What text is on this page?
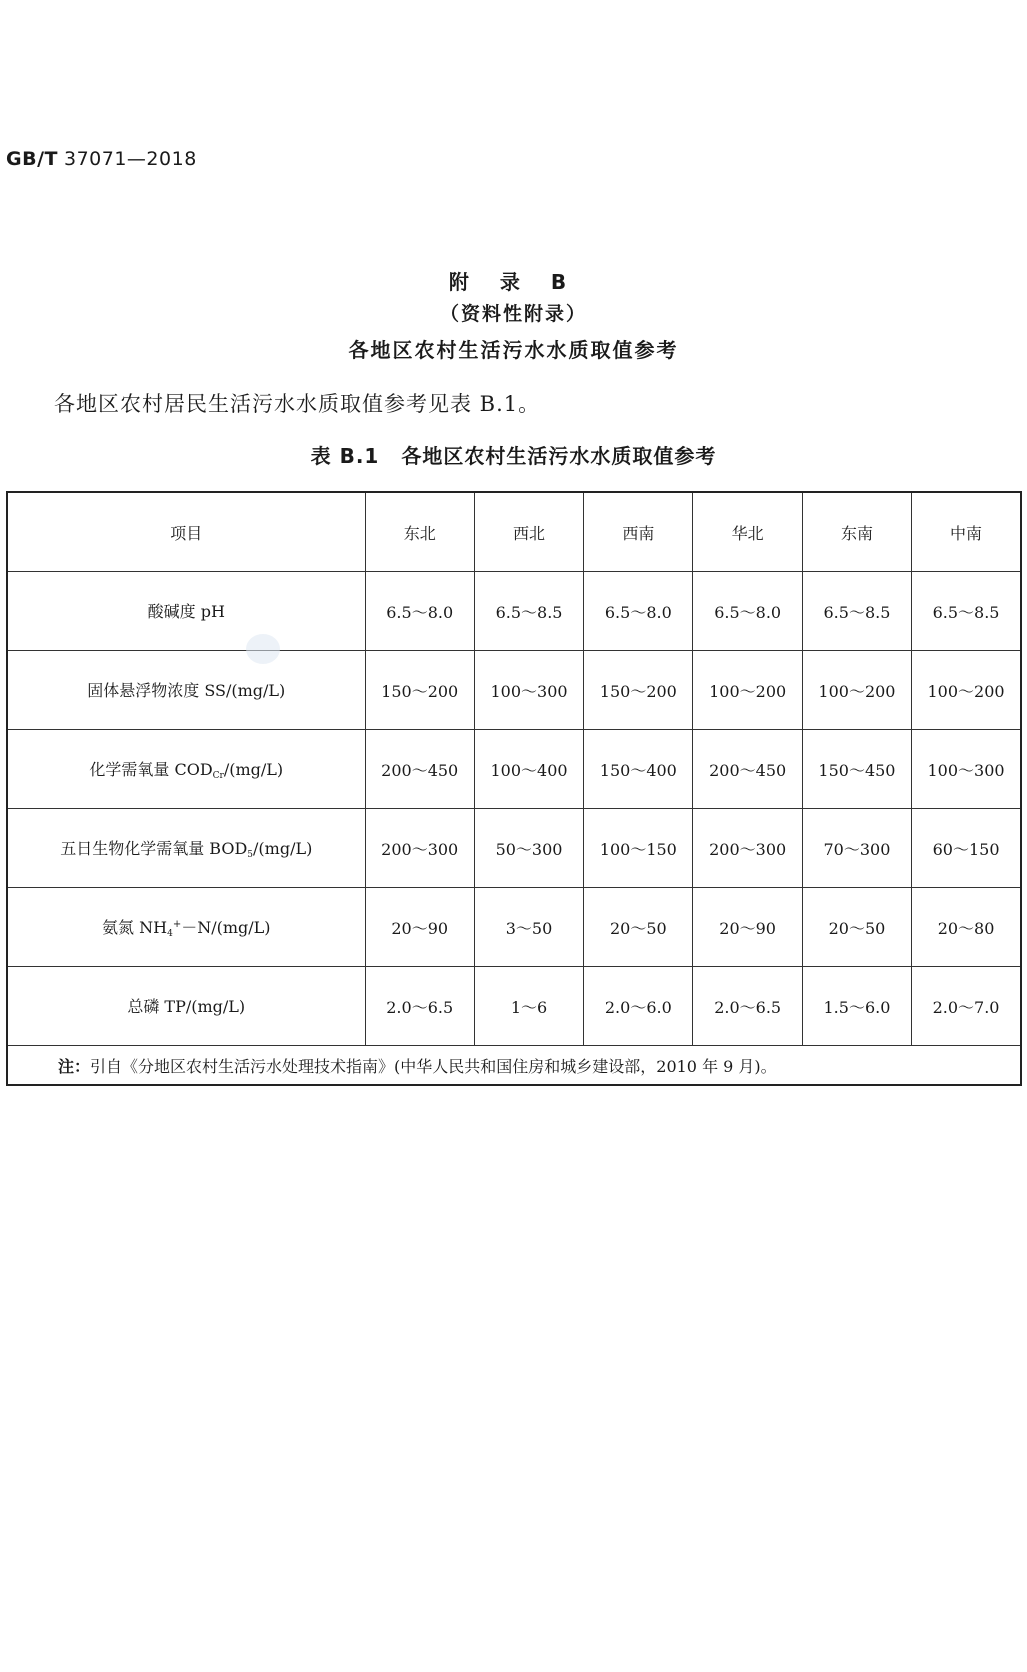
GB/T 37071—2018
附 录 B
（资料性附录）
各地区农村生活污水水质取值参考
各地区农村居民生活污水水质取值参考见表 B.1。
表 B.1 各地区农村生活污水水质取值参考
项目	东北	西北	西南	华北	东南	中南
酸碱度 pH	6.5～8.0	6.5～8.5	6.5～8.0	6.5～8.0	6.5～8.5	6.5～8.5
固体悬浮物浓度 SS/(mg/L)	150～200	100～300	150～200	100～200	100～200	100～200
化学需氧量 $COD_{Cr}/(mg/L)$	200～450	100～400	150～400	200～450	150～450	100～300
五日生物化学需氧量 $BOD_5/(mg/L)$	200～300	50～300	100～150	200～300	70～300	60～150
氨氮 $NH_4^+-N/(mg/L)$	20～90	3～50	20～50	20～90	20～50	20～80
总磷 TP/(mg/L)	2.0～6.5	1～6	2.0～6.0	2.0～6.5	1.5～6.0	2.0～7.0
注：引自《分地区农村生活污水处理技术指南》(中华人民共和国住房和城乡建设部，2010 年 9 月)。						
